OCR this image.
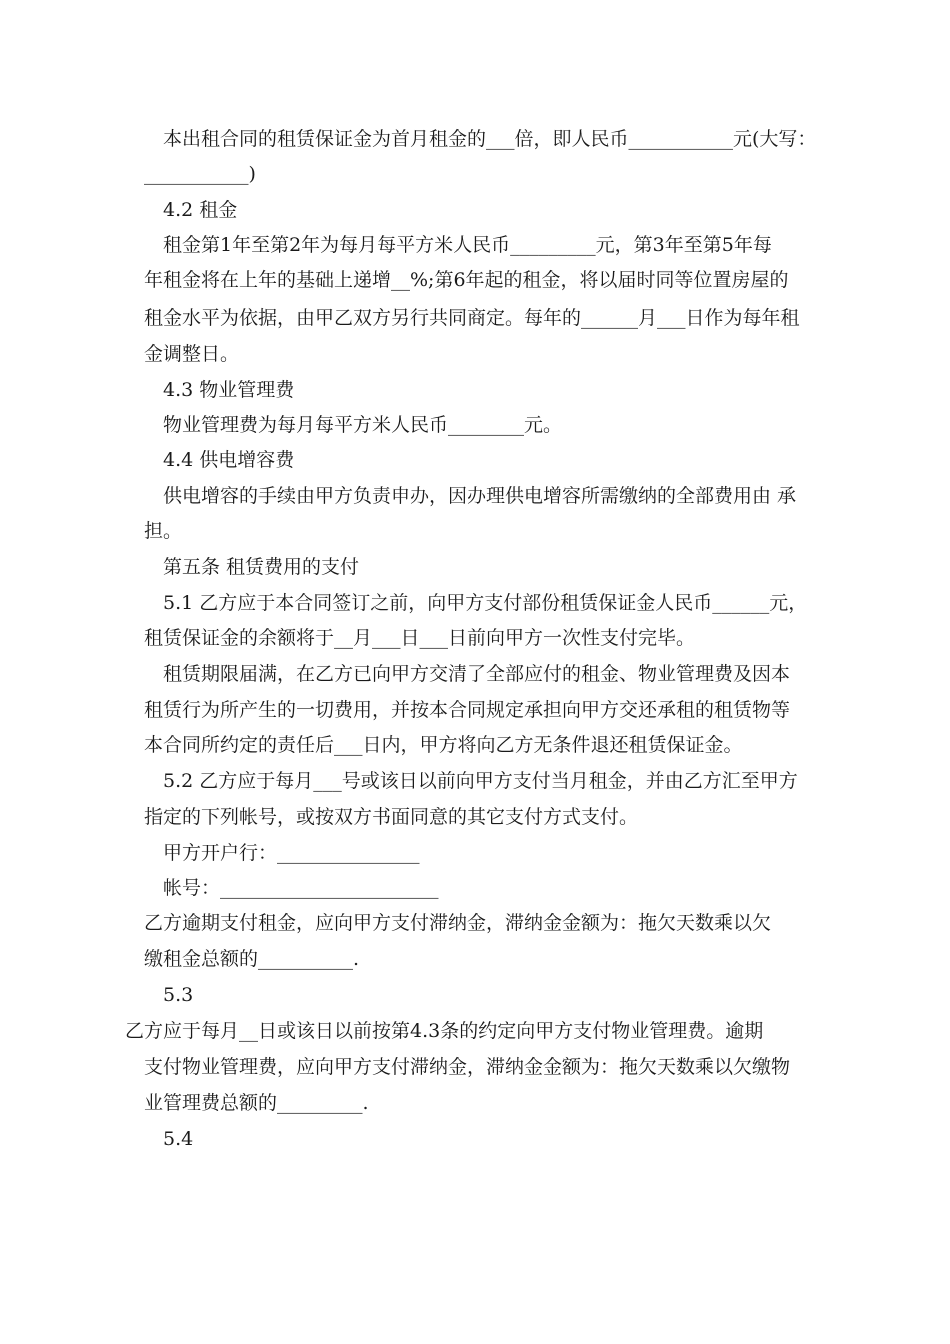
本出租合同的租赁保证金为首月租金的___倍，即人民币___________元(大写：
___________)
4.2 租金
租金第1年至第2年为每月每平方米人民币_________元，第3年至第5年每
年租金将在上年的基础上递增__%;第6年起的租金，将以届时同等位置房屋的
租金水平为依据，由甲乙双方另行共同商定。每年的______月___日作为每年租
金调整日。
4.3 物业管理费
物业管理费为每月每平方米人民币________元。
4.4 供电增容费
供电增容的手续由甲方负责申办，因办理供电增容所需缴纳的全部费用由 承
担。
第五条 租赁费用的支付
5.1 乙方应于本合同签订之前，向甲方支付部份租赁保证金人民币______元，
租赁保证金的余额将于__月___日___日前向甲方一次性支付完毕。
租赁期限届满，在乙方已向甲方交清了全部应付的租金、物业管理费及因本
租赁行为所产生的一切费用，并按本合同规定承担向甲方交还承租的租赁物等
本合同所约定的责任后___日内，甲方将向乙方无条件退还租赁保证金。
5.2 乙方应于每月___号或该日以前向甲方支付当月租金，并由乙方汇至甲方
指定的下列帐号，或按双方书面同意的其它支付方式支付。
甲方开户行：_______________
帐号：_______________________
乙方逾期支付租金，应向甲方支付滞纳金，滞纳金金额为：拖欠天数乘以欠
缴租金总额的__________.
5.3
乙方应于每月__日或该日以前按第4.3条的约定向甲方支付物业管理费。逾期
支付物业管理费，应向甲方支付滞纳金，滞纳金金额为：拖欠天数乘以欠缴物
业管理费总额的_________.
5.4
